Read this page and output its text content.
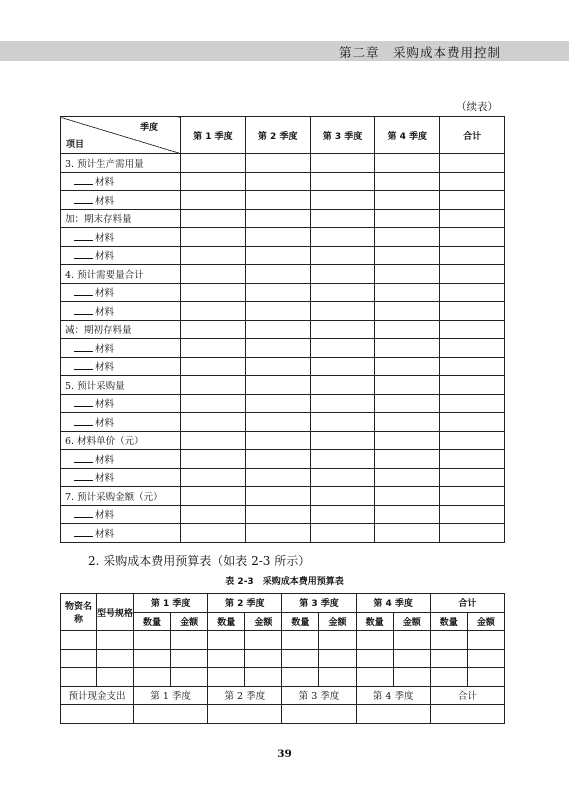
第二章　采购成本费用控制
（续表）
季度
项目	第 1 季度	第 2 季度	第 3 季度	第 4 季度	合计
3. 预计生产需用量					
材料					
材料					
加：期末存料量					
材料					
材料					
4. 预计需要量合计					
材料					
材料					
减：期初存料量					
材料					
材料					
5. 预计采购量					
材料					
材料					
6. 材料单价（元）					
材料					
材料					
7. 预计采购金额（元）					
材料					
材料					
2. 采购成本费用预算表（如表 2-3 所示）
表 2-3　采购成本费用预算表
物资名称	型号规格	第 1 季度		第 2 季度		第 3 季度		第 4 季度		合计	
		数量	金额	数量	金额	数量	金额	数量	金额	数量	金额

预计现金支出		第 1 季度		第 2 季度		第 3 季度		第 4 季度		合计	

39
